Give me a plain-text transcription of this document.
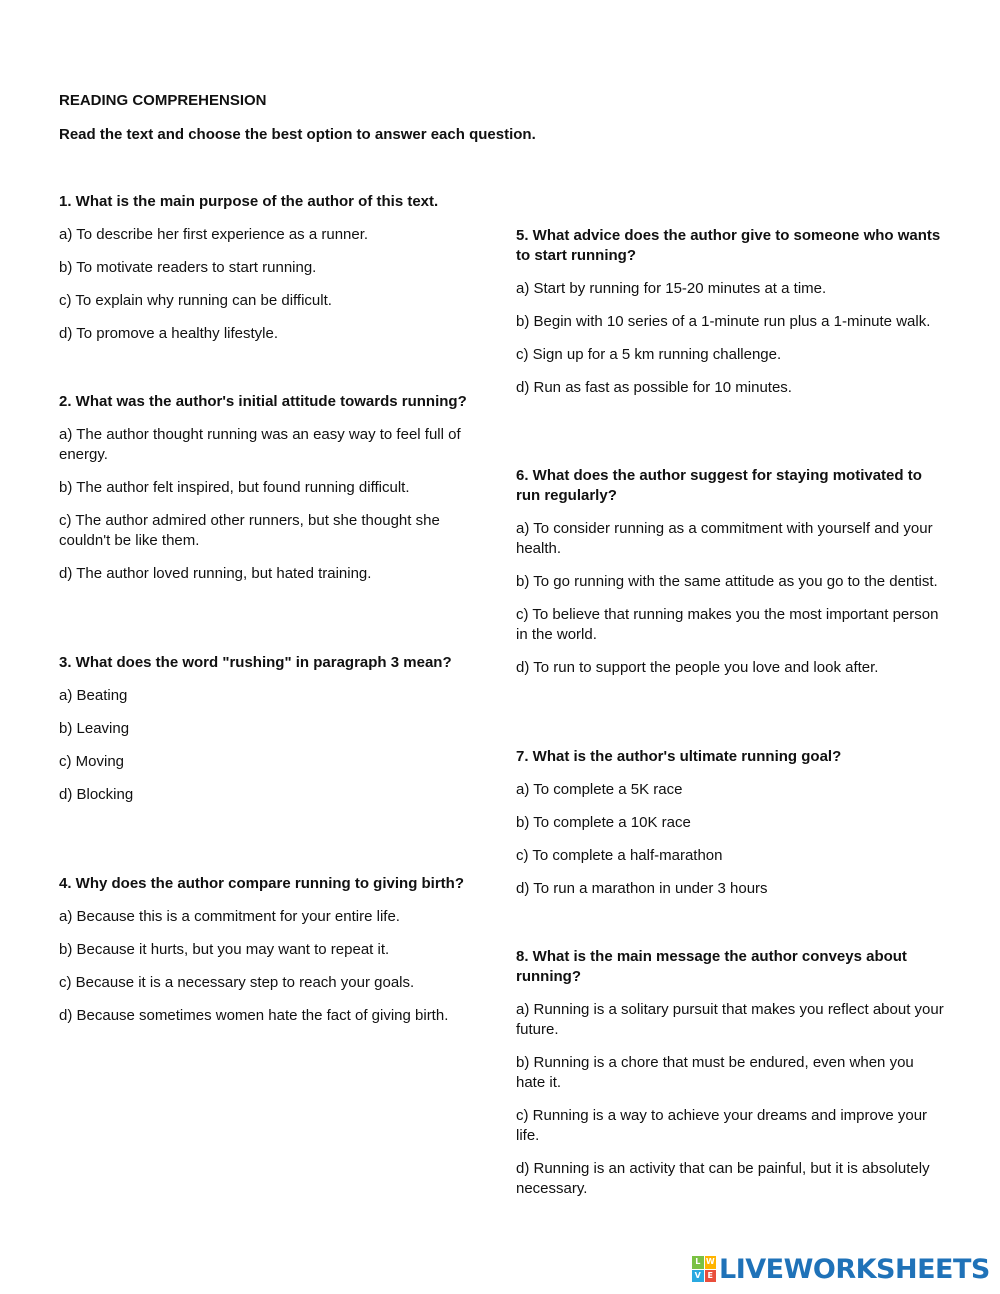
READING COMPREHENSION

Read the text and choose the best option to answer each question.

1. What is the main purpose of the author of this text.

a) To describe her first experience as a runner.

b) To motivate readers to start running.

c) To explain why running can be difficult.

d) To promove a healthy lifestyle.

2. What was the author's initial attitude towards running?

a) The author thought running was an easy way to feel full of energy.

b) The author felt inspired, but found running difficult.

c) The author admired other runners, but she thought she couldn't be like them.

d) The author loved running, but hated training.

3. What does the word "rushing" in paragraph 3 mean?

a) Beating

b) Leaving

c) Moving

d) Blocking

4. Why does the author compare running to giving birth?

a) Because this is a commitment for your entire life.

b) Because it hurts, but you may want to repeat it.

c) Because it is a necessary step to reach your goals.

d) Because sometimes women hate the fact of giving birth.

5. What advice does the author give to someone who wants to start running?

a) Start by running for 15-20 minutes at a time.

b) Begin with 10 series of a 1-minute run plus a 1-minute walk.

c) Sign up for a 5 km running challenge.

d) Run as fast as possible for 10 minutes.

6. What does the author suggest for staying motivated to run regularly?

a) To consider running as a commitment with yourself and your health.

b) To go running with the same attitude as you go to the dentist.

c) To believe that running makes you the most important person in the world.

d) To run to support the people you love and look after.

7. What is the author's ultimate running goal?

a) To complete a 5K race

b) To complete a 10K race

c) To complete a half-marathon

d) To run a marathon in under 3 hours

8. What is the main message the author conveys about running?

a) Running is a solitary pursuit that makes you reflect about your future.

b) Running is a chore that must be endured, even when you hate it.

c) Running is a way to achieve your dreams and improve your life.

d) Running is an activity that can be painful, but it is absolutely necessary.

L W
V E LIVEWORKSHEETS
